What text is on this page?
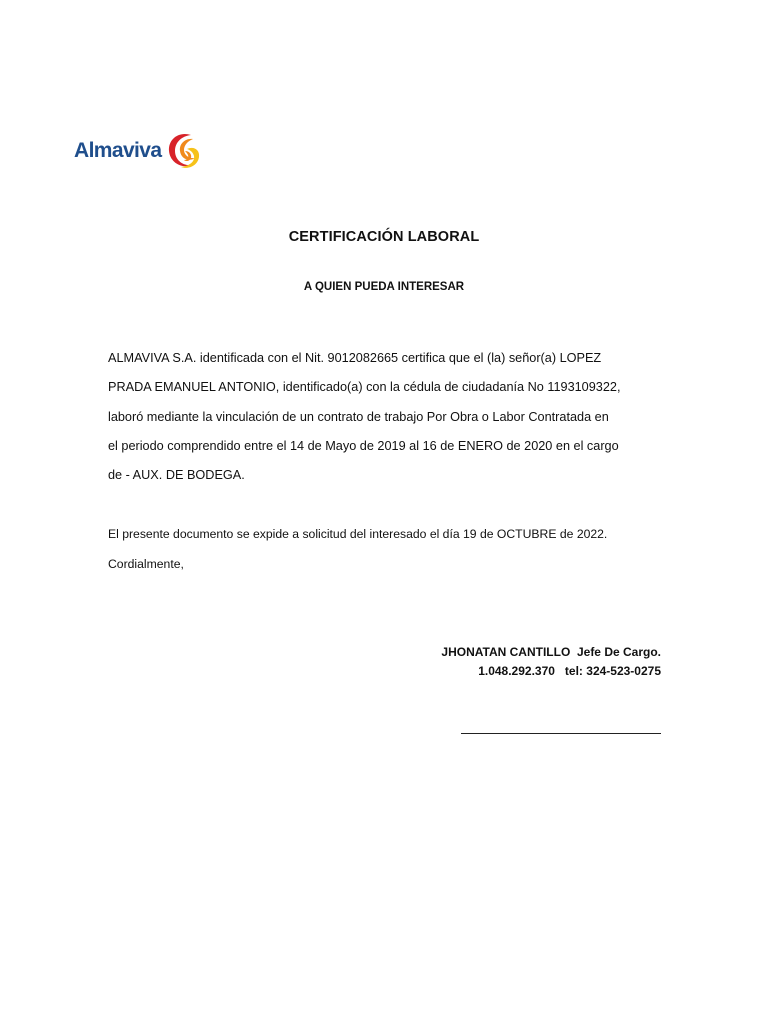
Almaviva
CERTIFICACIÓN LABORAL
A QUIEN PUEDA INTERESAR

ALMAVIVA S.A. identificada con el Nit. 9012082665 certifica que el (la) señor(a) LOPEZ
PRADA EMANUEL ANTONIO, identificado(a) con la cédula de ciudadanía No 1193109322,
laboró mediante la vinculación de un contrato de trabajo Por Obra o Labor Contratada en
el periodo comprendido entre el 14 de Mayo de 2019 al 16 de ENERO de 2020 en el cargo
de - AUX. DE BODEGA.

El presente documento se expide a solicitud del interesado el día 19 de OCTUBRE de 2022.

Cordialmente,

JHONATAN CANTILLO  Jefe De Cargo.
1.048.292.370   tel: 324-523-0275
